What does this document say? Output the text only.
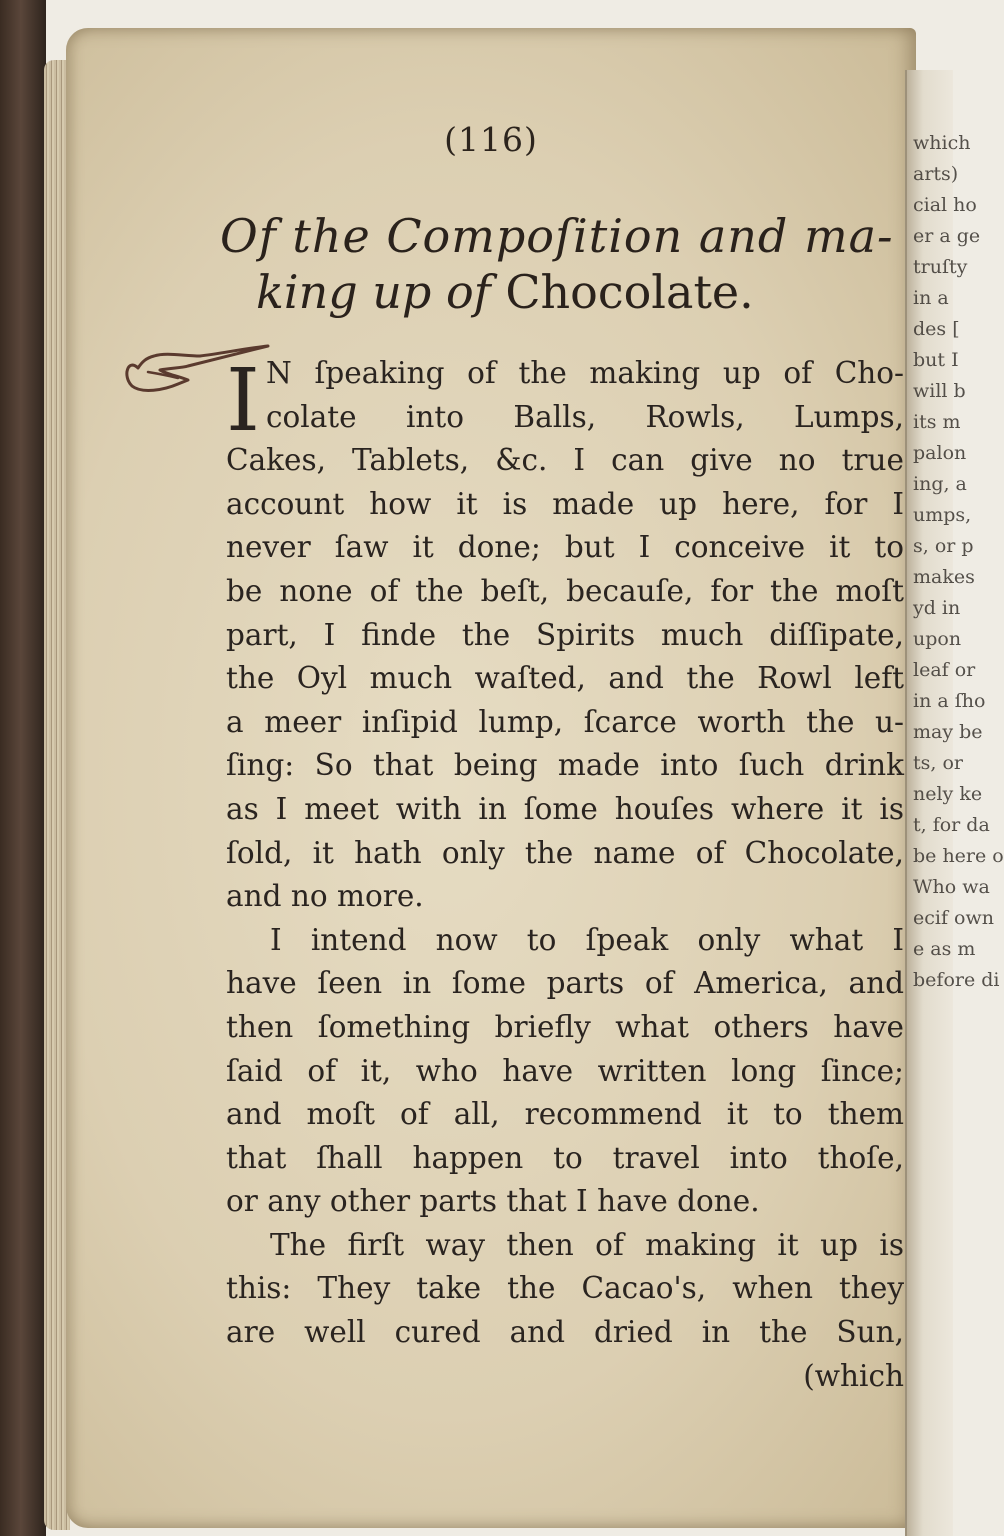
(116)
Of the Compoſition and ma-
king up of Chocolate.
I N ſpeaking of the making up of Cho-
colate into Balls, Rowls, Lumps,
Cakes, Tablets, &c. I can give no true
account how it is made up here, for I
never ſaw it done; but I conceive it to
be none of the beſt, becauſe, for the moſt
part, I finde the Spirits much diſſipate,
the Oyl much waſted, and the Rowl left
a meer inſipid lump, ſcarce worth the u-
ſing: So that being made into ſuch drink
as I meet with in ſome houſes where it is
ſold, it hath only the name of Chocolate,
and no more.
I intend now to ſpeak only what I
have ſeen in ſome parts of America, and
then ſomething briefly what others have
ſaid of it, who have written long ſince;
and moſt of all, recommend it to them
that ſhall happen to travel into thoſe,
or any other parts that I have done.
The firſt way then of making it up is
this: They take the Cacao's, when they
are well cured and dried in the Sun,
(which
which
arts)
cial ho
er a ge
truſty
in a
des [
but I
will b
its m
palon
ing, a
umps,
s, or p
makes
yd in
upon
leaf or
in a ſho
may be
ts, or
nely ke
t, for da
be here o
Who wa
ecif own
e as m
before di
